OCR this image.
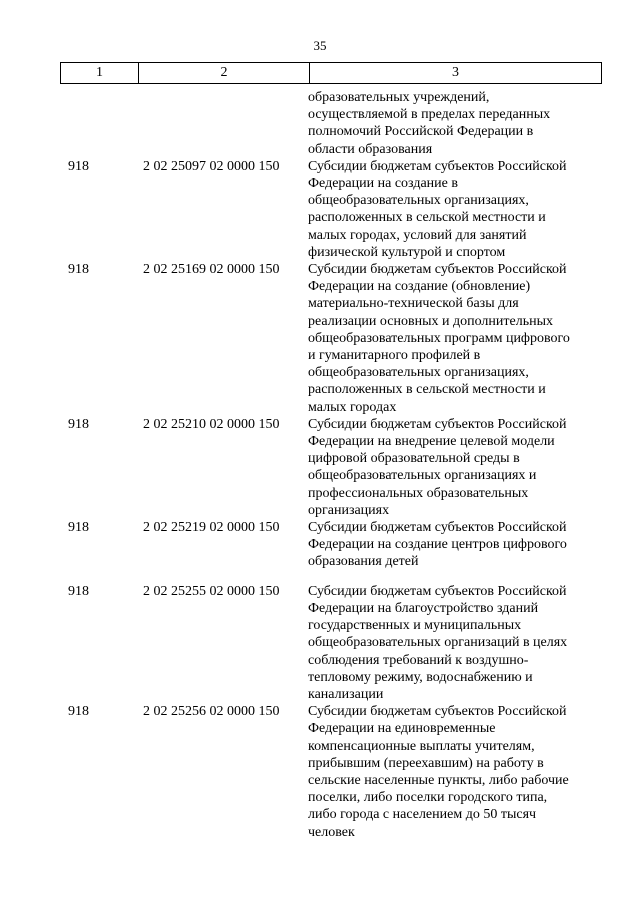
35
1	2	3
образовательных учреждений,
осуществляемой в пределах переданных
полномочий Российской Федерации в
области образования
918	2 02 25097 02 0000 150 Субсидии бюджетам субъектов Российской
Федерации на создание в
общеобразовательных организациях,
расположенных в сельской местности и
малых городах, условий для занятий
физической культурой и спортом
918	2 02 25169 02 0000 150 Субсидии бюджетам субъектов Российской
Федерации на создание (обновление)
материально-технической базы для
реализации основных и дополнительных
общеобразовательных программ цифрового
и гуманитарного профилей в
общеобразовательных организациях,
расположенных в сельской местности и
малых городах
918	2 02 25210 02 0000 150 Субсидии бюджетам субъектов Российской
Федерации на внедрение целевой модели
цифровой образовательной среды в
общеобразовательных организациях и
профессиональных образовательных
организациях
918	2 02 25219 02 0000 150 Субсидии бюджетам субъектов Российской
Федерации на создание центров цифрового
образования детей
918	2 02 25255 02 0000 150 Субсидии бюджетам субъектов Российской
Федерации на благоустройство зданий
государственных и муниципальных
общеобразовательных организаций в целях
соблюдения требований к воздушно-
тепловому режиму, водоснабжению и
канализации
918	2 02 25256 02 0000 150 Субсидии бюджетам субъектов Российской
Федерации на единовременные
компенсационные выплаты учителям,
прибывшим (переехавшим) на работу в
сельские населенные пункты, либо рабочие
поселки, либо поселки городского типа,
либо города с населением до 50 тысяч
человек
